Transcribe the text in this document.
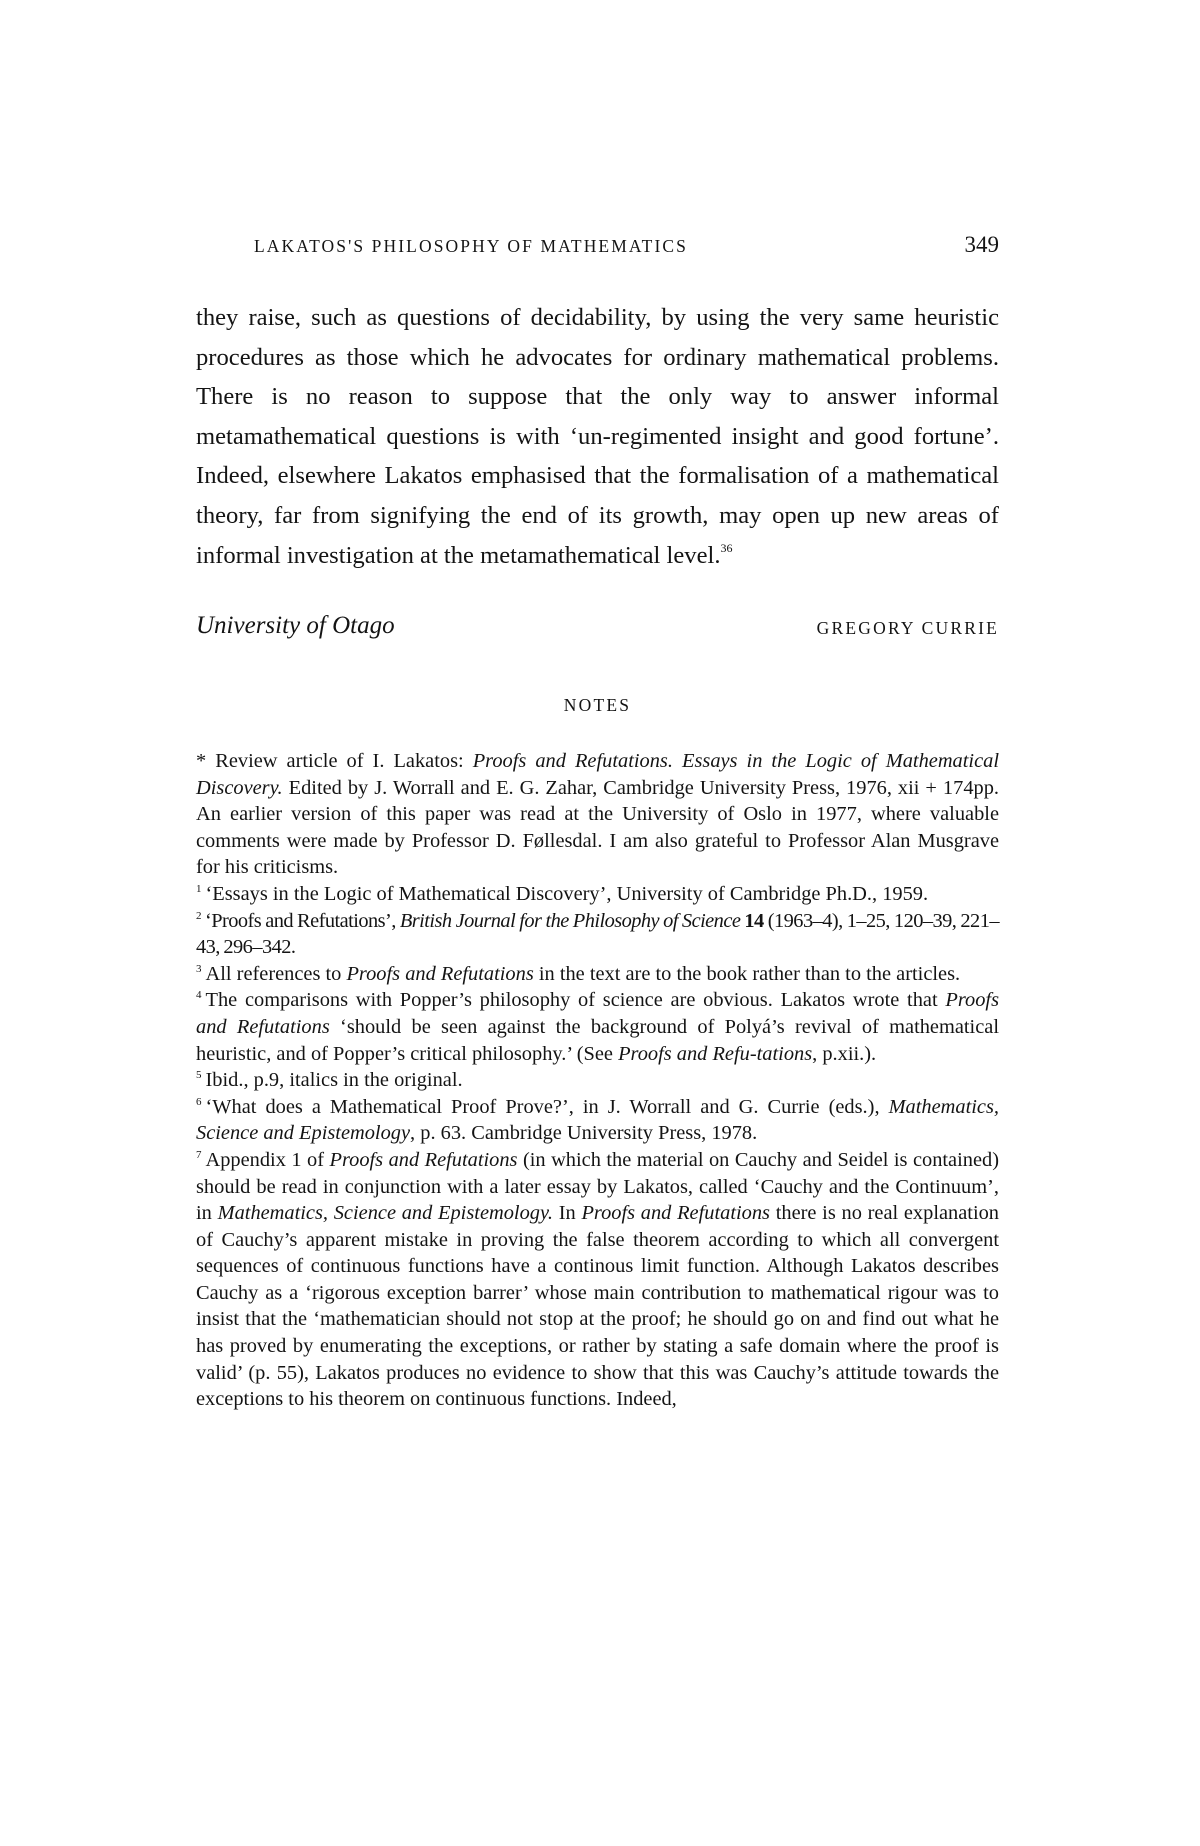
LAKATOS'S PHILOSOPHY OF MATHEMATICS	349

they raise, such as questions of decidability, by using the very same heuristic procedures as those which he advocates for ordinary mathematical problems. There is no reason to suppose that the only way to answer informal metamathematical questions is with ‘un-regimented insight and good fortune’. Indeed, elsewhere Lakatos emphasised that the formalisation of a mathematical theory, far from signifying the end of its growth, may open up new areas of informal investigation at the metamathematical level.$^{36}$

University of Otago	GREGORY CURRIE
NOTES

* Review article of I. Lakatos: Proofs and Refutations. Essays in the Logic of Mathematical Discovery. Edited by J. Worrall and E. G. Zahar, Cambridge University Press, 1976, xii + 174pp. An earlier version of this paper was read at the University of Oslo in 1977, where valuable comments were made by Professor D. Føllesdal. I am also grateful to Professor Alan Musgrave for his criticisms.

$^1$ ‘Essays in the Logic of Mathematical Discovery’, University of Cambridge Ph.D., 1959.

$^2$ ‘Proofs and Refutations’, British Journal for the Philosophy of Science 14 (1963–4), 1–25, 120–39, 221–43, 296–342.

$^3$ All references to Proofs and Refutations in the text are to the book rather than to the articles.

$^4$ The comparisons with Popper’s philosophy of science are obvious. Lakatos wrote that Proofs and Refutations ‘should be seen against the background of Polyá’s revival of mathematical heuristic, and of Popper’s critical philosophy.’ (See Proofs and Refu-tations, p.xii.).

$^5$ Ibid., p.9, italics in the original.

$^6$ ‘What does a Mathematical Proof Prove?’, in J. Worrall and G. Currie (eds.), Mathematics, Science and Epistemology, p. 63. Cambridge University Press, 1978.

$^7$ Appendix 1 of Proofs and Refutations (in which the material on Cauchy and Seidel is contained) should be read in conjunction with a later essay by Lakatos, called ‘Cauchy and the Continuum’, in Mathematics, Science and Epistemology. In Proofs and Refutations there is no real explanation of Cauchy’s apparent mistake in proving the false theorem according to which all convergent sequences of continuous functions have a continous limit function. Although Lakatos describes Cauchy as a ‘rigorous exception barrer’ whose main contribution to mathematical rigour was to insist that the ‘mathematician should not stop at the proof; he should go on and find out what he has proved by enumerating the exceptions, or rather by stating a safe domain where the proof is valid’ (p. 55), Lakatos produces no evidence to show that this was Cauchy’s attitude towards the exceptions to his theorem on continuous functions. Indeed,
